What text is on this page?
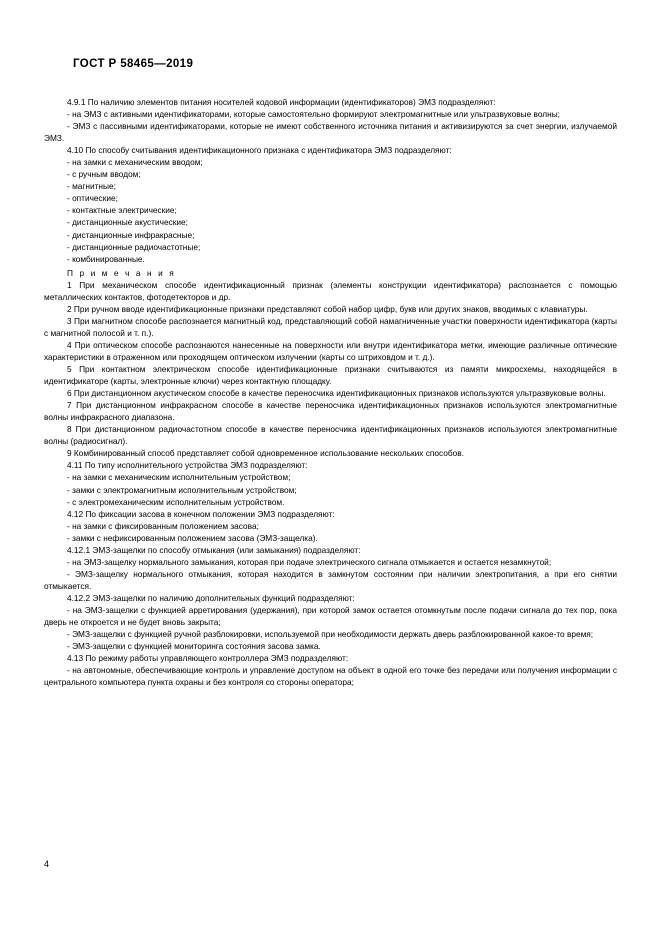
ГОСТ Р 58465—2019

4.9.1 По наличию элементов питания носителей кодовой информации (идентификаторов) ЭМЗ подразделяют:

- на ЭМЗ с активными идентификаторами, которые самостоятельно формируют электромагнитные или ультразвуковые волны;

- ЭМЗ с пассивными идентификаторами, которые не имеют собственного источника питания и активизируются за счет энергии, излучаемой ЭМЗ.

4.10 По способу считывания идентификационного признака с идентификатора ЭМЗ подразделяют:

- на замки с механическим вводом;

- с ручным вводом;

- магнитные;

- оптические;

- контактные электрические;

- дистанционные акустические;

- дистанционные инфракрасные;

- дистанционные радиочастотные;

- комбинированные.

П р и м е ч а н и я

1 При механическом способе идентификационный признак (элементы конструкции идентификатора) распознается с помощью металлических контактов, фотодетекторов и др.

2 При ручном вводе идентификационные признаки представляют собой набор цифр, букв или других знаков, вводимых с клавиатуры.

3 При магнитном способе распознается магнитный код, представляющий собой намагниченные участки поверхности идентификатора (карты с магнитной полосой и т. п.).

4 При оптическом способе распознаются нанесенные на поверхности или внутри идентификатора метки, имеющие различные оптические характеристики в отраженном или проходящем оптическом излучении (карты со штриховдом и т. д.).

5 При контактном электрическом способе идентификационные признаки считываются из памяти микросхемы, находящейся в идентификаторе (карты, электронные ключи) через контактную площадку.

6 При дистанционном акустическом способе в качестве переносчика идентификационных признаков используются ультразвуковые волны.

7 При дистанционном инфракрасном способе в качестве переносчика идентификационных признаков используются электромагнитные волны инфракрасного диапазона.

8 При дистанционном радиочастотном способе в качестве переносчика идентификационных признаков используются электромагнитные волны (радиосигнал).

9 Комбинированный способ представляет собой одновременное использование нескольких способов.

4.11 По типу исполнительного устройства ЭМЗ подразделяют:

- на замки с механическим исполнительным устройством;

- замки с электромагнитным исполнительным устройством;

- с электромеханическим исполнительным устройством.

4.12 По фиксации засова в конечном положении ЭМЗ подразделяют:

- на замки с фиксированным положением засова;

- замки с нефиксированным положением засова (ЭМЗ-защелка).

4.12.1 ЭМЗ-защелки по способу отмыкания (или замыкания) подразделяют:

- на ЭМЗ-защелку нормального замыкания, которая при подаче электрического сигнала отмыкается и остается незамкнутой;

- ЭМЗ-защелку нормального отмыкания, которая находится в замкнутом состоянии при наличии электропитания, а при его снятии отмыкается.

4.12.2 ЭМЗ-защелки по наличию дополнительных функций подразделяют:

- на ЭМЗ-защелки с функцией арретирования (удержания), при которой замок остается отомкнутым после подачи сигнала до тех пор, пока дверь не откроется и не будет вновь закрыта;

- ЭМЗ-защелки с функцией ручной разблокировки, используемой при необходимости держать дверь разблокированной какое-то время;

- ЭМЗ-защелки с функцией мониторинга состояния засова замка.

4.13 По режиму работы управляющего контроллера ЭМЗ подразделяют:

- на автономные, обеспечивающие контроль и управление доступом на объект в одной его точке без передачи или получения информации с центрального компьютера пункта охраны и без контроля со стороны оператора;

4
